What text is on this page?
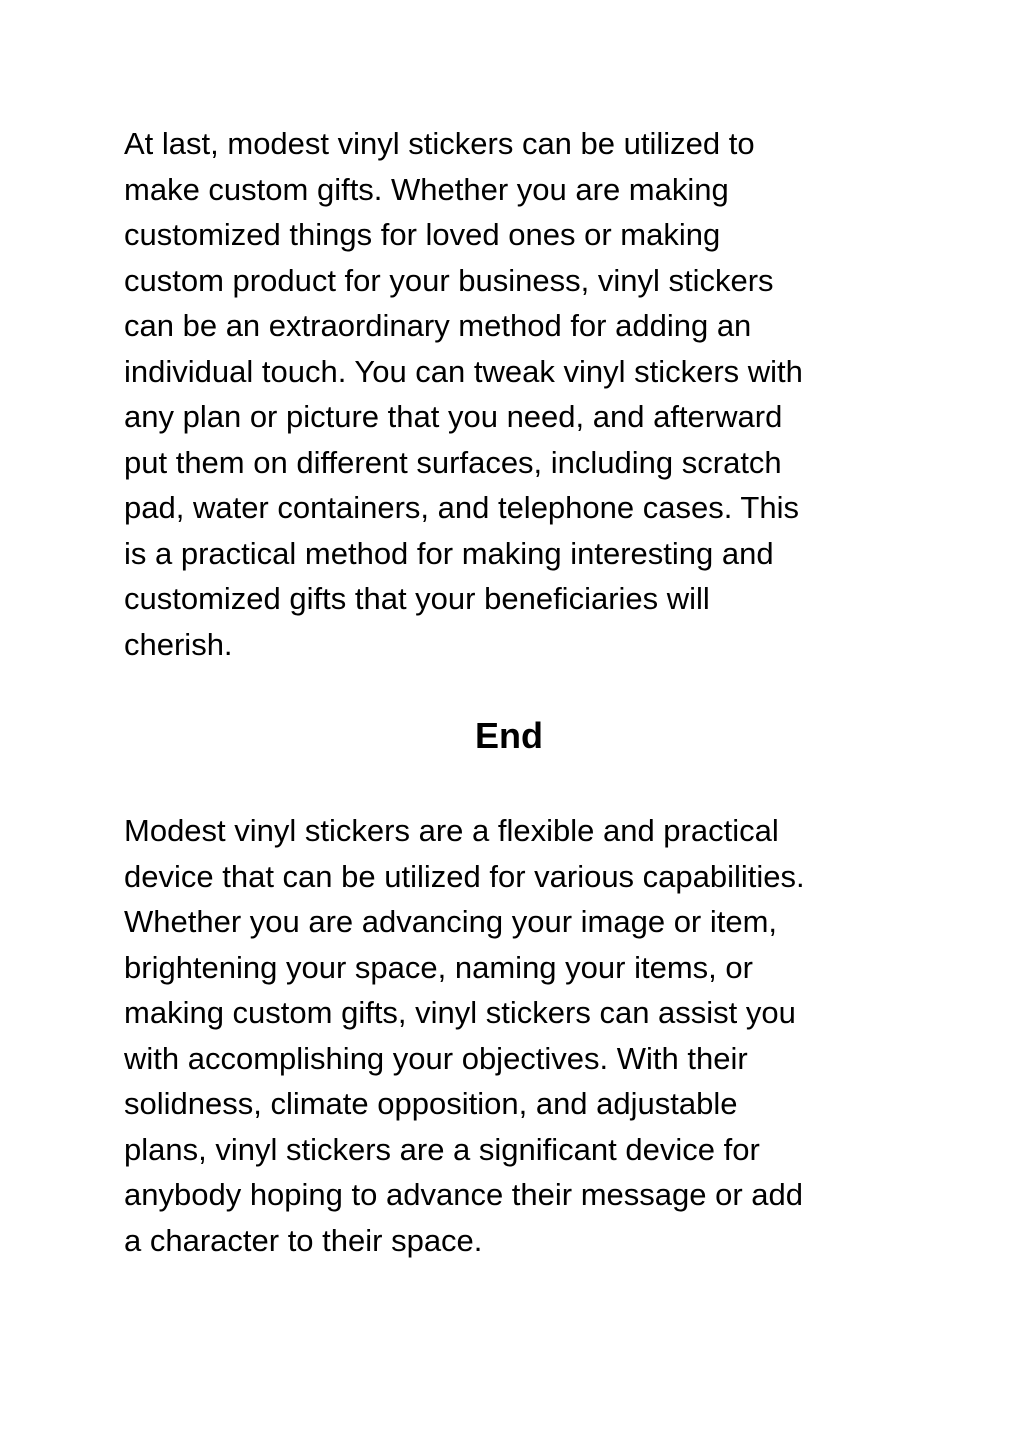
At last, modest vinyl stickers can be utilized to
make custom gifts. Whether you are making
customized things for loved ones or making
custom product for your business, vinyl stickers
can be an extraordinary method for adding an
individual touch. You can tweak vinyl stickers with
any plan or picture that you need, and afterward
put them on different surfaces, including scratch
pad, water containers, and telephone cases. This
is a practical method for making interesting and
customized gifts that your beneficiaries will
cherish.

End

Modest vinyl stickers are a flexible and practical
device that can be utilized for various capabilities.
Whether you are advancing your image or item,
brightening your space, naming your items, or
making custom gifts, vinyl stickers can assist you
with accomplishing your objectives. With their
solidness, climate opposition, and adjustable
plans, vinyl stickers are a significant device for
anybody hoping to advance their message or add
a character to their space.
